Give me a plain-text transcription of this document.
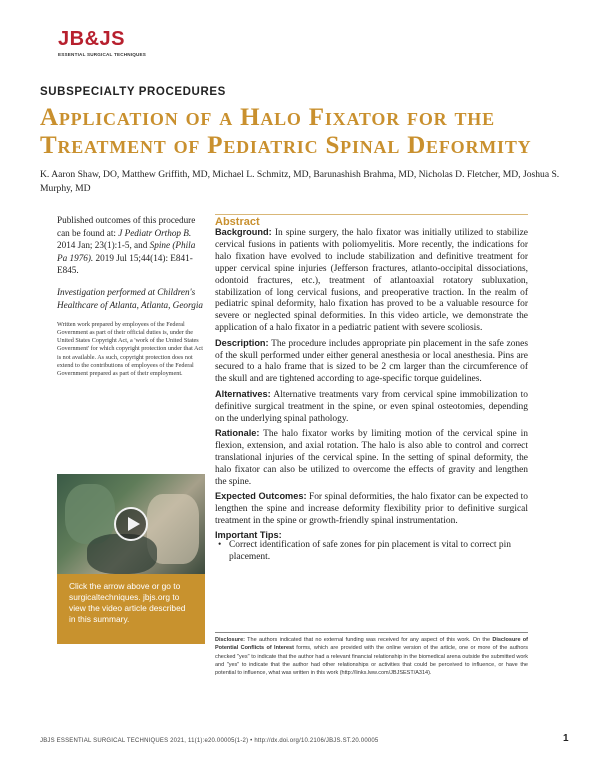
JB&JS
ESSENTIAL SURGICAL TECHNIQUES
SUBSPECIALTY PROCEDURES
Application of a Halo Fixator for the Treatment of Pediatric Spinal Deformity
K. Aaron Shaw, DO, Matthew Griffith, MD, Michael L. Schmitz, MD, Barunashish Brahma, MD, Nicholas D. Fletcher, MD, Joshua S. Murphy, MD

Published outcomes of this procedure can be found at: J Pediatr Orthop B. 2014 Jan; 23(1):1-5, and Spine (Phila Pa 1976). 2019 Jul 15;44(14): E841-E845.

Investigation performed at Children's Healthcare of Atlanta, Atlanta, Georgia

Written work prepared by employees of the Federal Government as part of their official duties is, under the United States Copyright Act, a 'work of the United States Government' for which copyright protection under that Act is not available. As such, copyright protection does not extend to the contributions of employees of the Federal Government prepared as part of their employment.

Click the arrow above or go to surgicaltechniques. jbjs.org to view the video article described in this summary.
Abstract

Background: In spine surgery, the halo fixator was initially utilized to stabilize cervical fusions in patients with poliomyelitis. More recently, the indications for halo fixation have evolved to include stabilization and definitive treatment for upper cervical spine injuries (Jefferson fractures, atlanto-occipital dissociations, odontoid fractures, etc.), treatment of atlantoaxial rotatory subluxation, stabilization of long cervical fusions, and preoperative traction. In the realm of pediatric spinal deformity, halo fixation has proved to be a valuable resource for severe or neglected spinal deformities. In this video article, we demonstrate the application of a halo fixator in a pediatric patient with severe scoliosis.

Description: The procedure includes appropriate pin placement in the safe zones of the skull performed under either general anesthesia or local anesthesia. Pins are secured to a halo frame that is sized to be 2 cm larger than the circumference of the skull and are tightened according to age-specific torque guidelines.

Alternatives: Alternative treatments vary from cervical spine immobilization to definitive surgical treatment in the spine, or even spinal osteotomies, depending on the underlying spinal pathology.

Rationale: The halo fixator works by limiting motion of the cervical spine in flexion, extension, and axial rotation. The halo is also able to control and correct translational injuries of the cervical spine. In the setting of spinal deformity, the halo fixator can also be utilized to overcome the effects of gravity and lengthen the spine.

Expected Outcomes: For spinal deformities, the halo fixator can be expected to lengthen the spine and increase deformity flexibility prior to definitive surgical treatment in the spine or growth-friendly spinal instrumentation.

Important Tips:
• Correct identification of safe zones for pin placement is vital to correct pin placement.
Disclosure: The authors indicated that no external funding was received for any aspect of this work. On the Disclosure of Potential Conflicts of Interest forms, which are provided with the online version of the article, one or more of the authors checked "yes" to indicate that the author had a relevant financial relationship in the biomedical arena outside the submitted work and "yes" to indicate that the author had other relationships or activities that could be perceived to influence, or have the potential to influence, what was written in this work (http://links.lww.com/JBJSEST/A314).
JBJS ESSENTIAL SURGICAL TECHNIQUES 2021, 11(1):e20.00005(1-2) • http://dx.doi.org/10.2106/JBJS.ST.20.00005	1
